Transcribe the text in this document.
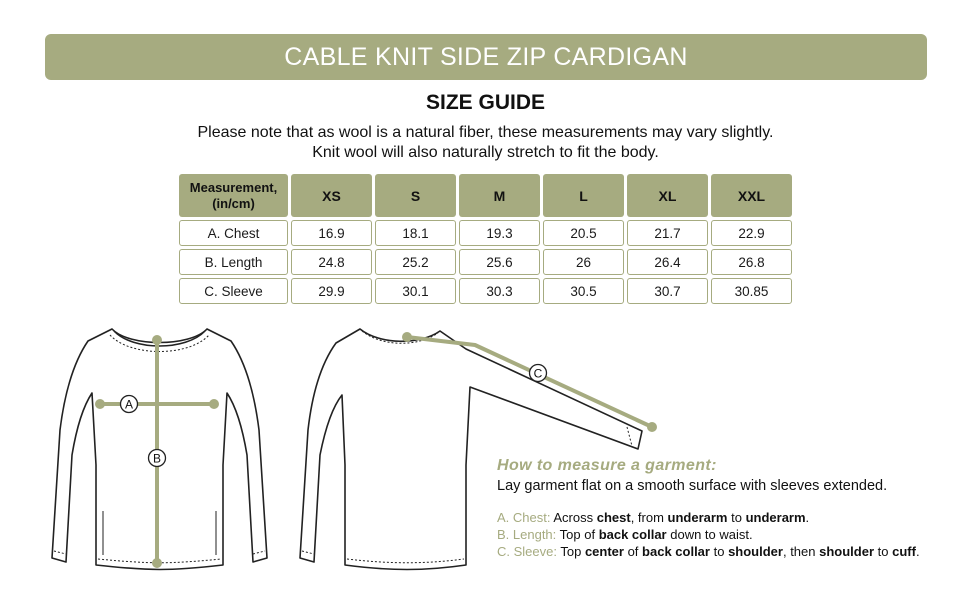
CABLE KNIT SIDE ZIP CARDIGAN
SIZE GUIDE
Please note that as wool is a natural fiber, these measurements may vary slightly.
Knit wool will also naturally stretch to fit the body.
Measurement,
(in/cm)	XS	S	M	L	XL	XXL
A. Chest	16.9	18.1	19.3	20.5	21.7	22.9
B. Length	24.8	25.2	25.6	26	26.4	26.8
C. Sleeve	29.9	30.1	30.3	30.5	30.7	30.85
A
B
C
How to measure a garment:
Lay garment flat on a smooth surface with sleeves extended.
A. Chest: Across chest, from underarm to underarm.
B. Length: Top of back collar down to waist.
C. Sleeve: Top center of back collar to shoulder, then shoulder to cuff.
